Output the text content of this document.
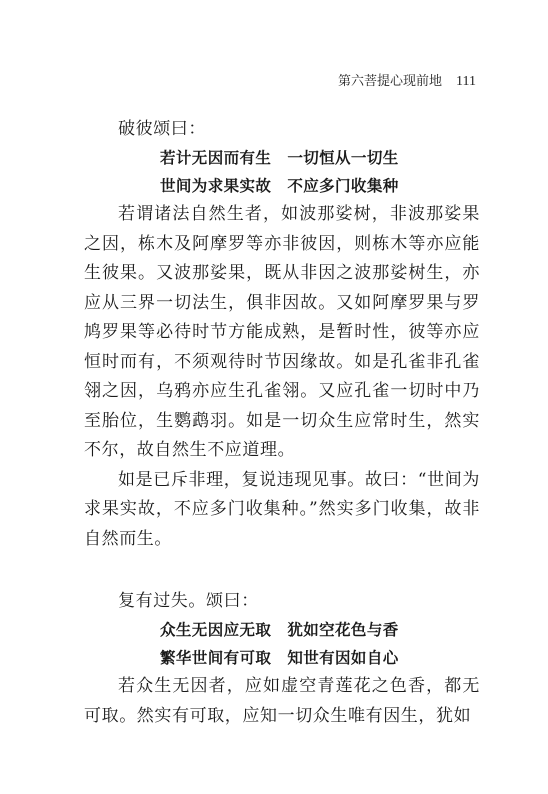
第六菩提心现前地 111

破彼颂曰：

若计无因而有生 一切恒从一切生
世间为求果实故 不应多门收集种

若谓诸法自然生者，如波那娑树，非波那娑果之因，栋木及阿摩罗等亦非彼因，则栋木等亦应能生彼果。又波那娑果，既从非因之波那娑树生，亦应从三界一切法生，俱非因故。又如阿摩罗果与罗鸠罗果等必待时节方能成熟，是暂时性，彼等亦应恒时而有，不须观待时节因缘故。如是孔雀非孔雀翎之因，乌鸦亦应生孔雀翎。又应孔雀一切时中乃至胎位，生鹦鹉羽。如是一切众生应常时生，然实不尔，故自然生不应道理。

如是已斥非理，复说违现见事。故曰：“世间为求果实故，不应多门收集种。”然实多门收集，故非自然而生。

复有过失。颂曰：

众生无因应无取 犹如空花色与香
繁华世间有可取 知世有因如自心

若众生无因者，应如虚空青莲花之色香，都无可取。然实有可取，应知一切众生唯有因生，犹如
